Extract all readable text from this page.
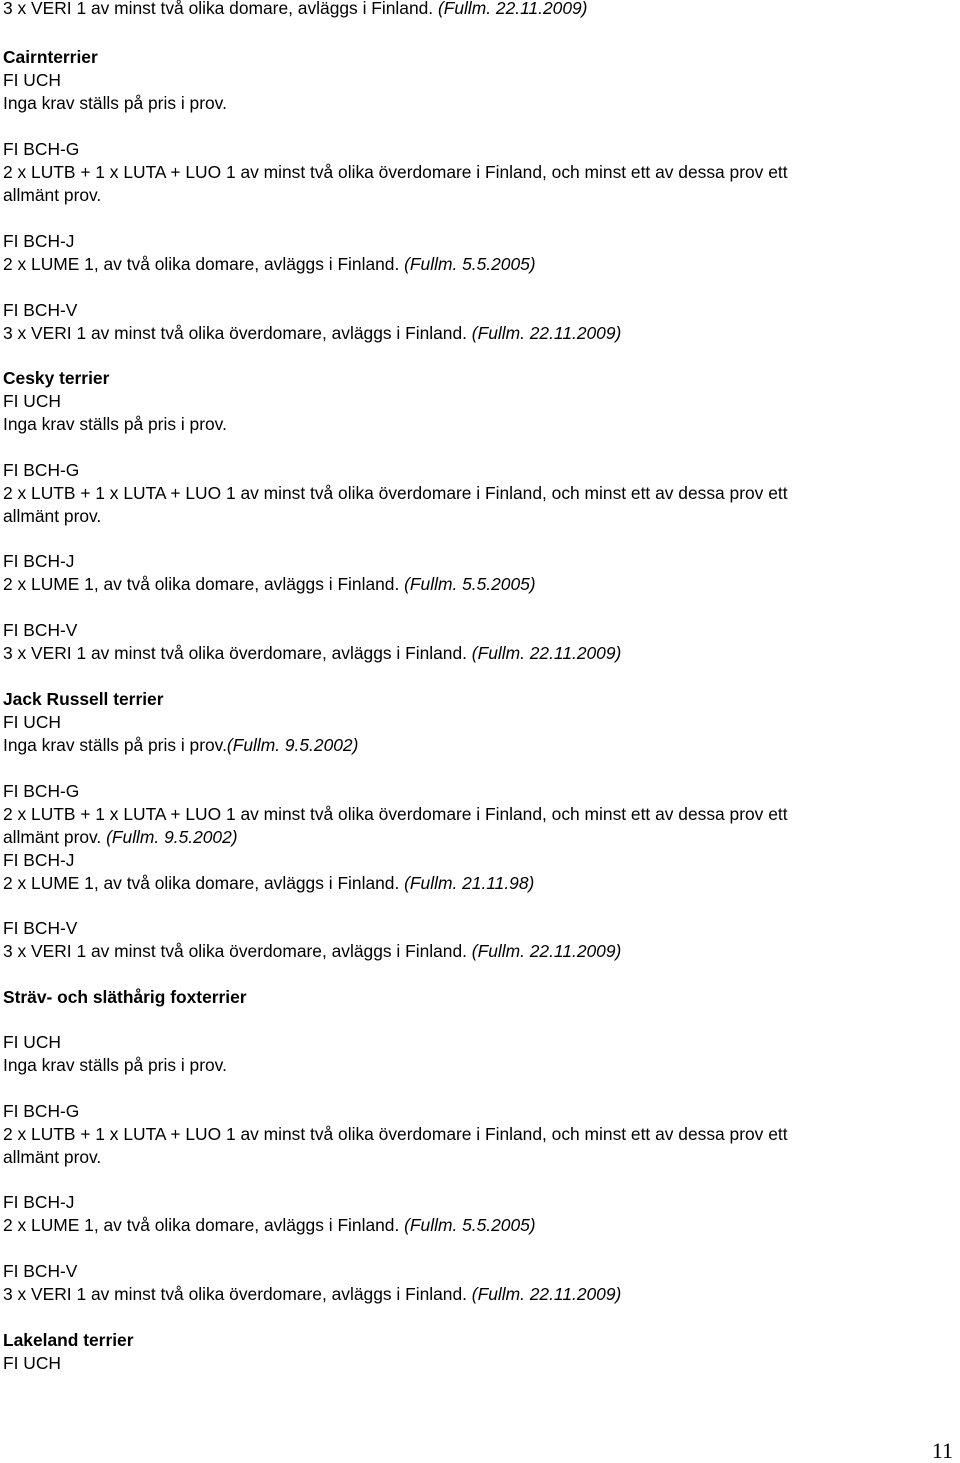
3 x VERI 1 av minst två olika domare, avläggs i Finland. (Fullm. 22.11.2009)
Cairnterrier
FI UCH
Inga krav ställs på pris i prov.
FI BCH-G
2 x LUTB + 1 x LUTA + LUO 1 av minst två olika överdomare i Finland, och minst ett av dessa prov ett
allmänt prov.
FI BCH-J
2 x LUME 1, av två olika domare, avläggs i Finland. (Fullm. 5.5.2005)
FI BCH-V
3 x VERI 1 av minst två olika överdomare, avläggs i Finland. (Fullm. 22.11.2009)
Cesky terrier
FI UCH
Inga krav ställs på pris i prov.
FI BCH-G
2 x LUTB + 1 x LUTA + LUO 1 av minst två olika överdomare i Finland, och minst ett av dessa prov ett
allmänt prov.
FI BCH-J
2 x LUME 1, av två olika domare, avläggs i Finland. (Fullm. 5.5.2005)
FI BCH-V
3 x VERI 1 av minst två olika överdomare, avläggs i Finland. (Fullm. 22.11.2009)
Jack Russell terrier
FI UCH
Inga krav ställs på pris i prov.(Fullm. 9.5.2002)
FI BCH-G
2 x LUTB + 1 x LUTA + LUO 1 av minst två olika överdomare i Finland, och minst ett av dessa prov ett
allmänt prov. (Fullm. 9.5.2002)
FI BCH-J
2 x LUME 1, av två olika domare, avläggs i Finland. (Fullm. 21.11.98)
FI BCH-V
3 x VERI 1 av minst två olika överdomare, avläggs i Finland. (Fullm. 22.11.2009)
Sträv- och släthårig foxterrier
FI UCH
Inga krav ställs på pris i prov.
FI BCH-G
2 x LUTB + 1 x LUTA + LUO 1 av minst två olika överdomare i Finland, och minst ett av dessa prov ett
allmänt prov.
FI BCH-J
2 x LUME 1, av två olika domare, avläggs i Finland. (Fullm. 5.5.2005)
FI BCH-V
3 x VERI 1 av minst två olika överdomare, avläggs i Finland. (Fullm. 22.11.2009)
Lakeland terrier
FI UCH
11
